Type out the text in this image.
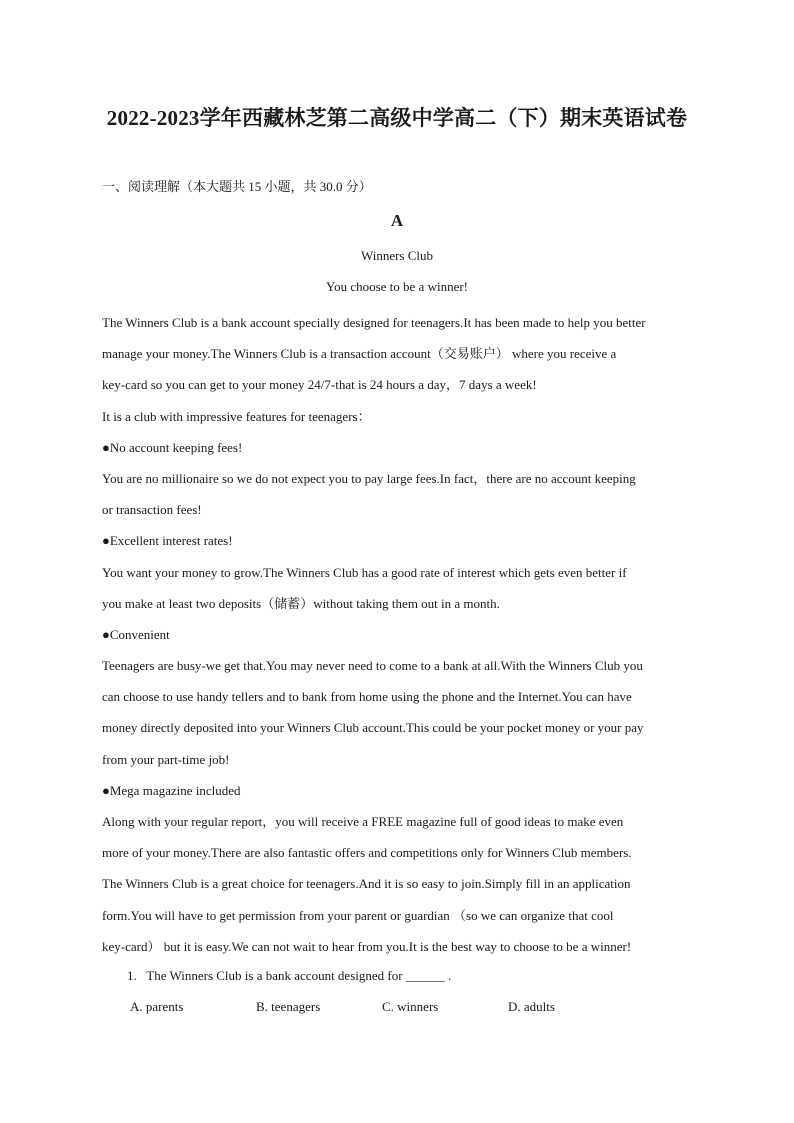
2022-2023学年西藏林芝第二高级中学高二（下）期末英语试卷
一、阅读理解（本大题共 15 小题，共 30.0 分）
A
Winners Club
You choose to be a winner!
The Winners Club is a bank account specially designed for teenagers.It has been made to help you better
manage your money.The Winners Club is a transaction account（交易账户） where you receive a
key-card so you can get to your money 24/7-that is 24 hours a day，7 days a week!
It is a club with impressive features for teenagers：
●No account keeping fees!
You are no millionaire so we do not expect you to pay large fees.In fact，there are no account keeping
or transaction fees!
●Excellent interest rates!
You want your money to grow.The Winners Club has a good rate of interest which gets even better if
you make at least two deposits（储蓄）without taking them out in a month.
●Convenient
Teenagers are busy-we get that.You may never need to come to a bank at all.With the Winners Club you
can choose to use handy tellers and to bank from home using the phone and the Internet.You can have
money directly deposited into your Winners Club account.This could be your pocket money or your pay
from your part-time job!
●Mega magazine included
Along with your regular report，you will receive a FREE magazine full of good ideas to make even
more of your money.There are also fantastic offers and competitions only for Winners Club members.
The Winners Club is a great choice for teenagers.And it is so easy to join.Simply fill in an application
form.You will have to get permission from your parent or guardian （so we can organize that cool
key-card） but it is easy.We can not wait to hear from you.It is the best way to choose to be a winner!
1. The Winners Club is a bank account designed for ______ .
A. parents	B. teenagers	C. winners	D. adults
